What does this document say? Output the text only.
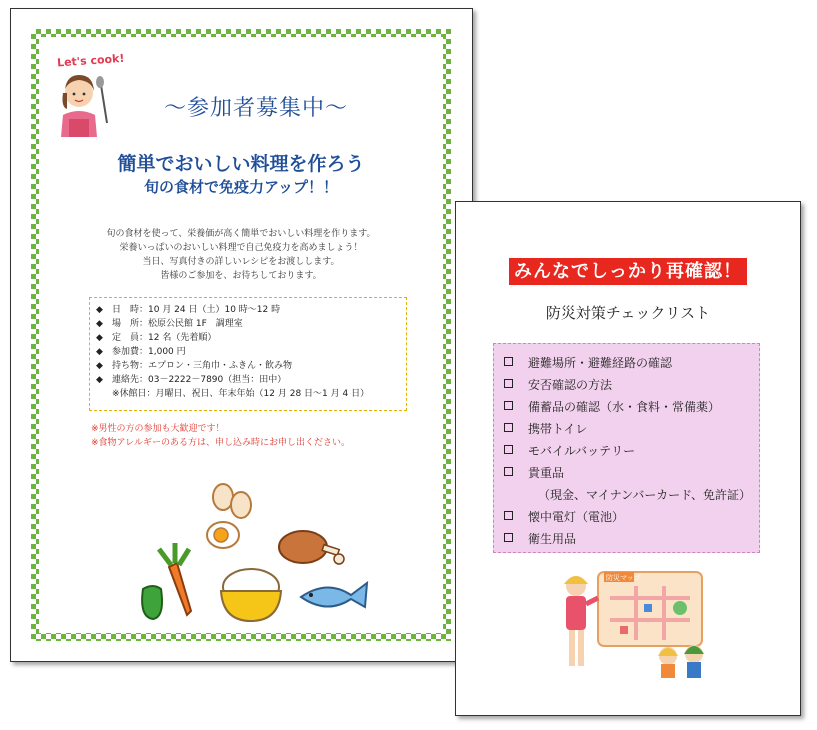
Let's cook!
～参加者募集中～
簡単でおいしい料理を作ろう
旬の食材で免疫力アップ！！
旬の食材を使って、栄養価が高く簡単でおいしい料理を作ります。
栄養いっぱいのおいしい料理で自己免疫力を高めましょう！
当日、写真付きの詳しいレシピをお渡しします。
皆様のご参加を、お待ちしております。
◆ 日　時：10 月 24 日（土）10 時～12 時
◆ 場　所：松原公民館 1F　調理室
◆ 定　員：12 名（先着順）
◆ 参加費：1,000 円
◆ 持ち物：エプロン・三角巾・ふきん・飲み物
◆ 連絡先：03－2222－7890（担当：田中）
※休館日：月曜日、祝日、年末年始（12 月 28 日～1 月 4 日）
※男性の方の参加も大歓迎です！
※食物アレルギーのある方は、申し込み時にお申し出ください。
みんなでしっかり再確認！
防災対策チェックリスト
避難場所・避難経路の確認
安否確認の方法
備蓄品の確認（水・食料・常備薬）
携帯トイレ
モバイルバッテリー
貴重品
（現金、マイナンバーカード、免許証）
懐中電灯（電池）
衛生用品
防災マップ
